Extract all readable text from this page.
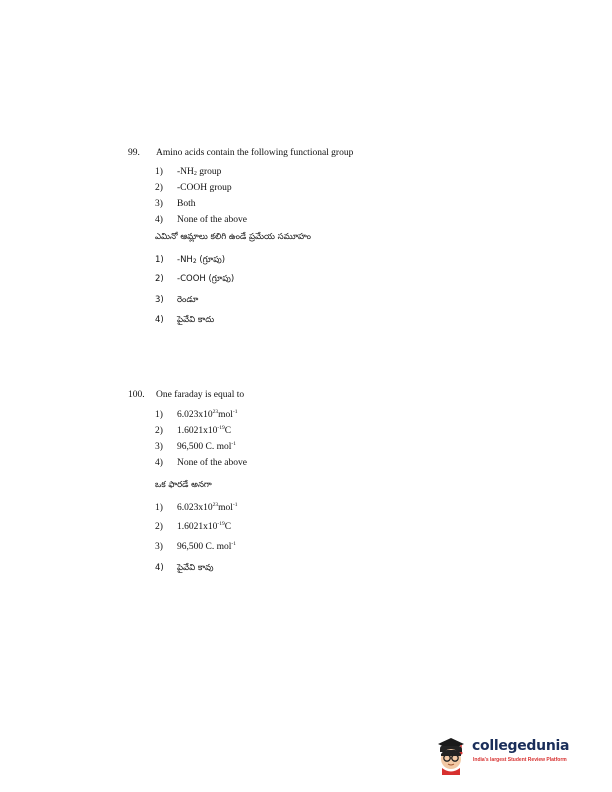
99. Amino acids contain the following functional group
1) $-NH_2$ group
2) -COOH group
3) Both
4) None of the above
ఎమినో ఆమ్లాలు కలిగి ఉండే ప్రమేయ సమూహం
1) $-NH_2$ (గ్రూపు)
2) -COOH (గ్రూపు)
3) రెండూ
4) పైవేవి కాదు
100. One faraday is equal to
1) $6.023x10^{23}mol^{-1}$
2) $1.6021x10^{-19}C$
3) 96,500 C. mol$^{-1}$
4) None of the above
ఒక ఫారడే అనగా
1) $6.023x10^{23}mol^{-1}$
2) $1.6021x10^{-19}C$
3) 96,500 C. mol$^{-1}$
4) పైవేవి కావు
collegedunia
India's largest Student Review Platform
